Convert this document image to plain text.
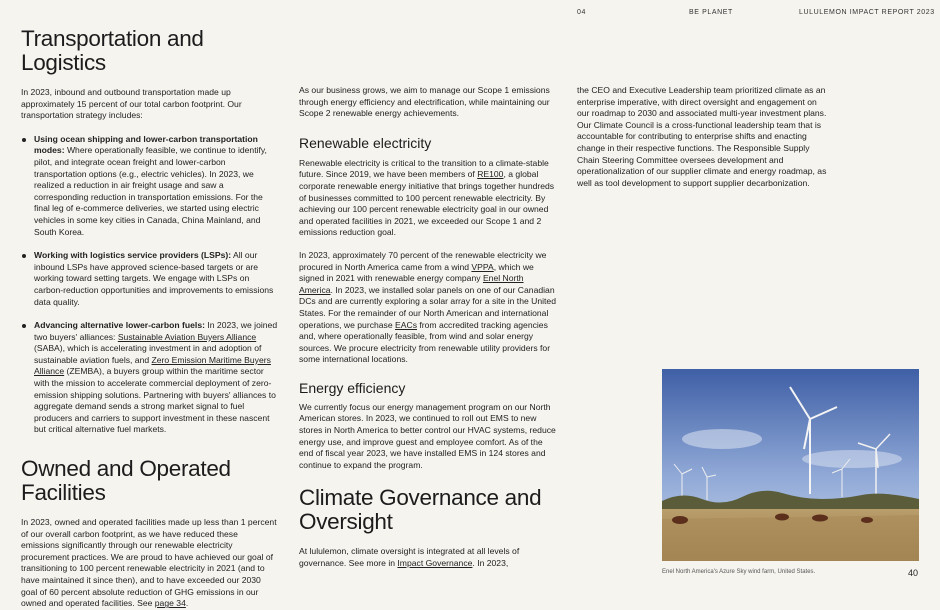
04	BE PLANET	LULULEMON IMPACT REPORT 2023
Transportation and Logistics

In 2023, inbound and outbound transportation made up approximately 15 percent of our total carbon footprint. Our transportation strategy includes:

Using ocean shipping and lower-carbon transportation modes: Where operationally feasible, we continue to identify, pilot, and integrate ocean freight and lower-carbon transportation options (e.g., electric vehicles). In 2023, we realized a reduction in air freight usage and saw a corresponding reduction in transportation emissions. For the final leg of e-commerce deliveries, we started using electric vehicles in some key cities in Canada, China Mainland, and South Korea.
Working with logistics service providers (LSPs): All our inbound LSPs have approved science-based targets or are working toward setting targets. We engage with LSPs on carbon-reduction opportunities and improvements to emissions data quality.
Advancing alternative lower-carbon fuels: In 2023, we joined two buyers' alliances: Sustainable Aviation Buyers Alliance (SABA), which is accelerating investment in and adoption of sustainable aviation fuels, and Zero Emission Maritime Buyers Alliance (ZEMBA), a buyers group within the maritime sector with the mission to accelerate commercial deployment of zero-emission shipping solutions. Partnering with buyers' alliances to aggregate demand sends a strong market signal to fuel producers and carriers to support investment in these nascent but critical alternative fuel markets.
Owned and Operated Facilities

In 2023, owned and operated facilities made up less than 1 percent of our overall carbon footprint, as we have reduced these emissions significantly through our renewable electricity procurement practices. We are proud to have achieved our goal of transitioning to 100 percent renewable electricity in 2021 (and to have maintained it since then), and to have exceeded our 2030 goal of 60 percent absolute reduction of GHG emissions in our owned and operated facilities. See page 34.

As our business grows, we aim to manage our Scope 1 emissions through energy efficiency and electrification, while maintaining our Scope 2 renewable energy achievements.

Renewable electricity

Renewable electricity is critical to the transition to a climate-stable future. Since 2019, we have been members of RE100, a global corporate renewable energy initiative that brings together hundreds of businesses committed to 100 percent renewable electricity. By achieving our 100 percent renewable electricity goal in our owned and operated facilities in 2021, we exceeded our Scope 1 and 2 emissions reduction goal.

In 2023, approximately 70 percent of the renewable electricity we procured in North America came from a wind VPPA, which we signed in 2021 with renewable energy company Enel North America. In 2023, we installed solar panels on one of our Canadian DCs and are currently exploring a solar array for a site in the United States. For the remainder of our North American and international operations, we purchase EACs from accredited tracking agencies and, where operationally feasible, from wind and solar energy sources. We procure electricity from renewable utility providers for some international locations.

Energy efficiency

We currently focus our energy management program on our North American stores. In 2023, we continued to roll out EMS to new stores in North America to better control our HVAC systems, reduce energy use, and improve guest and employee comfort. As of the end of fiscal year 2023, we have installed EMS in 124 stores and continue to expand the program.

Climate Governance and Oversight

At lululemon, climate oversight is integrated at all levels of governance. See more in Impact Governance. In 2023,

the CEO and Executive Leadership team prioritized climate as an enterprise imperative, with direct oversight and engagement on our roadmap to 2030 and associated multi-year investment plans. Our Climate Council is a cross-functional leadership team that is accountable for contributing to enterprise shifts and enacting change in their respective functions. The Responsible Supply Chain Steering Committee oversees development and operationalization of our supplier climate and energy roadmap, as well as tool development to support supplier decarbonization.

Enel North America's Azure Sky wind farm, United States.	40
